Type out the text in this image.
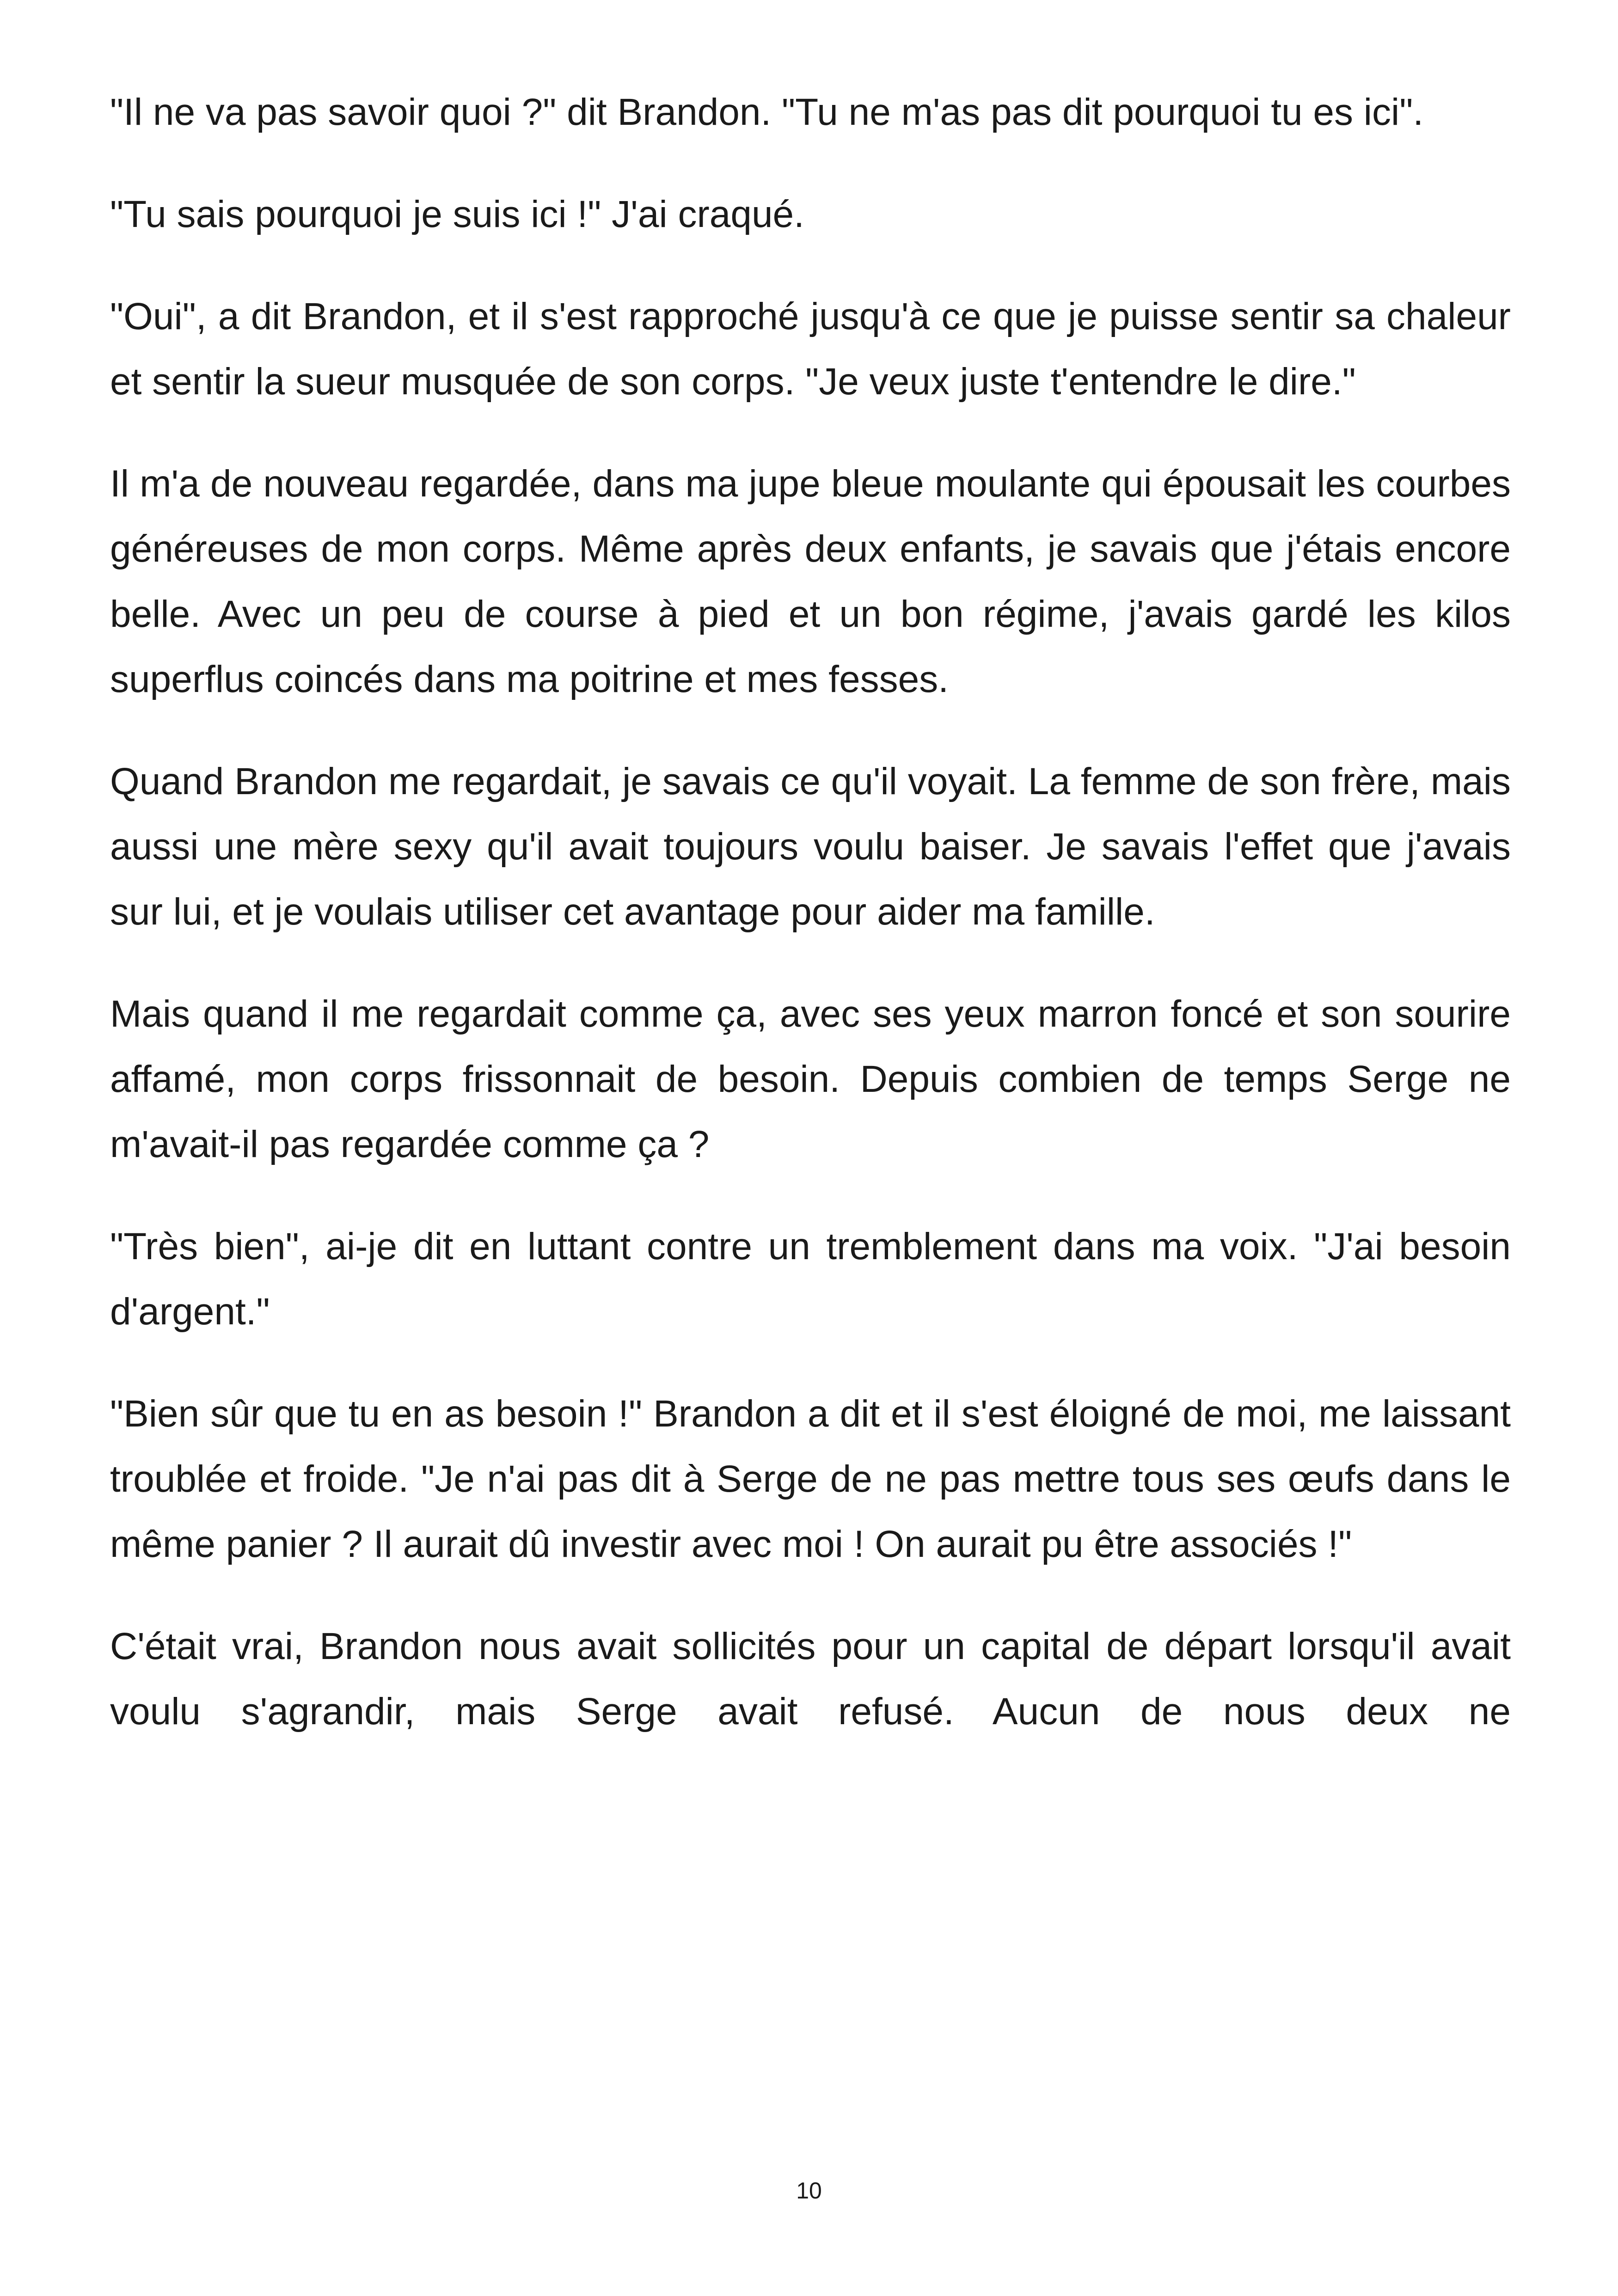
"Il ne va pas savoir quoi ?" dit Brandon. "Tu ne m'as pas dit pourquoi tu es ici".

"Tu sais pourquoi je suis ici !" J'ai craqué.

"Oui", a dit Brandon, et il s'est rapproché jusqu'à ce que je puisse sentir sa chaleur et sentir la sueur musquée de son corps. "Je veux juste t'entendre le dire."

Il m'a de nouveau regardée, dans ma jupe bleue moulante qui épousait les courbes généreuses de mon corps. Même après deux enfants, je savais que j'étais encore belle. Avec un peu de course à pied et un bon régime, j'avais gardé les kilos superflus coincés dans ma poitrine et mes fesses.

Quand Brandon me regardait, je savais ce qu'il voyait. La femme de son frère, mais aussi une mère sexy qu'il avait toujours voulu baiser. Je savais l'effet que j'avais sur lui, et je voulais utiliser cet avantage pour aider ma famille.

Mais quand il me regardait comme ça, avec ses yeux marron foncé et son sourire affamé, mon corps frissonnait de besoin. Depuis combien de temps Serge ne m'avait-il pas regardée comme ça ?

"Très bien", ai-je dit en luttant contre un tremblement dans ma voix. "J'ai besoin d'argent."

"Bien sûr que tu en as besoin !" Brandon a dit et il s'est éloigné de moi, me laissant troublée et froide. "Je n'ai pas dit à Serge de ne pas mettre tous ses œufs dans le même panier ? Il aurait dû investir avec moi ! On aurait pu être associés !"

C'était vrai, Brandon nous avait sollicités pour un capital de départ lorsqu'il avait voulu s'agrandir, mais Serge avait refusé. Aucun de nous deux ne

10
